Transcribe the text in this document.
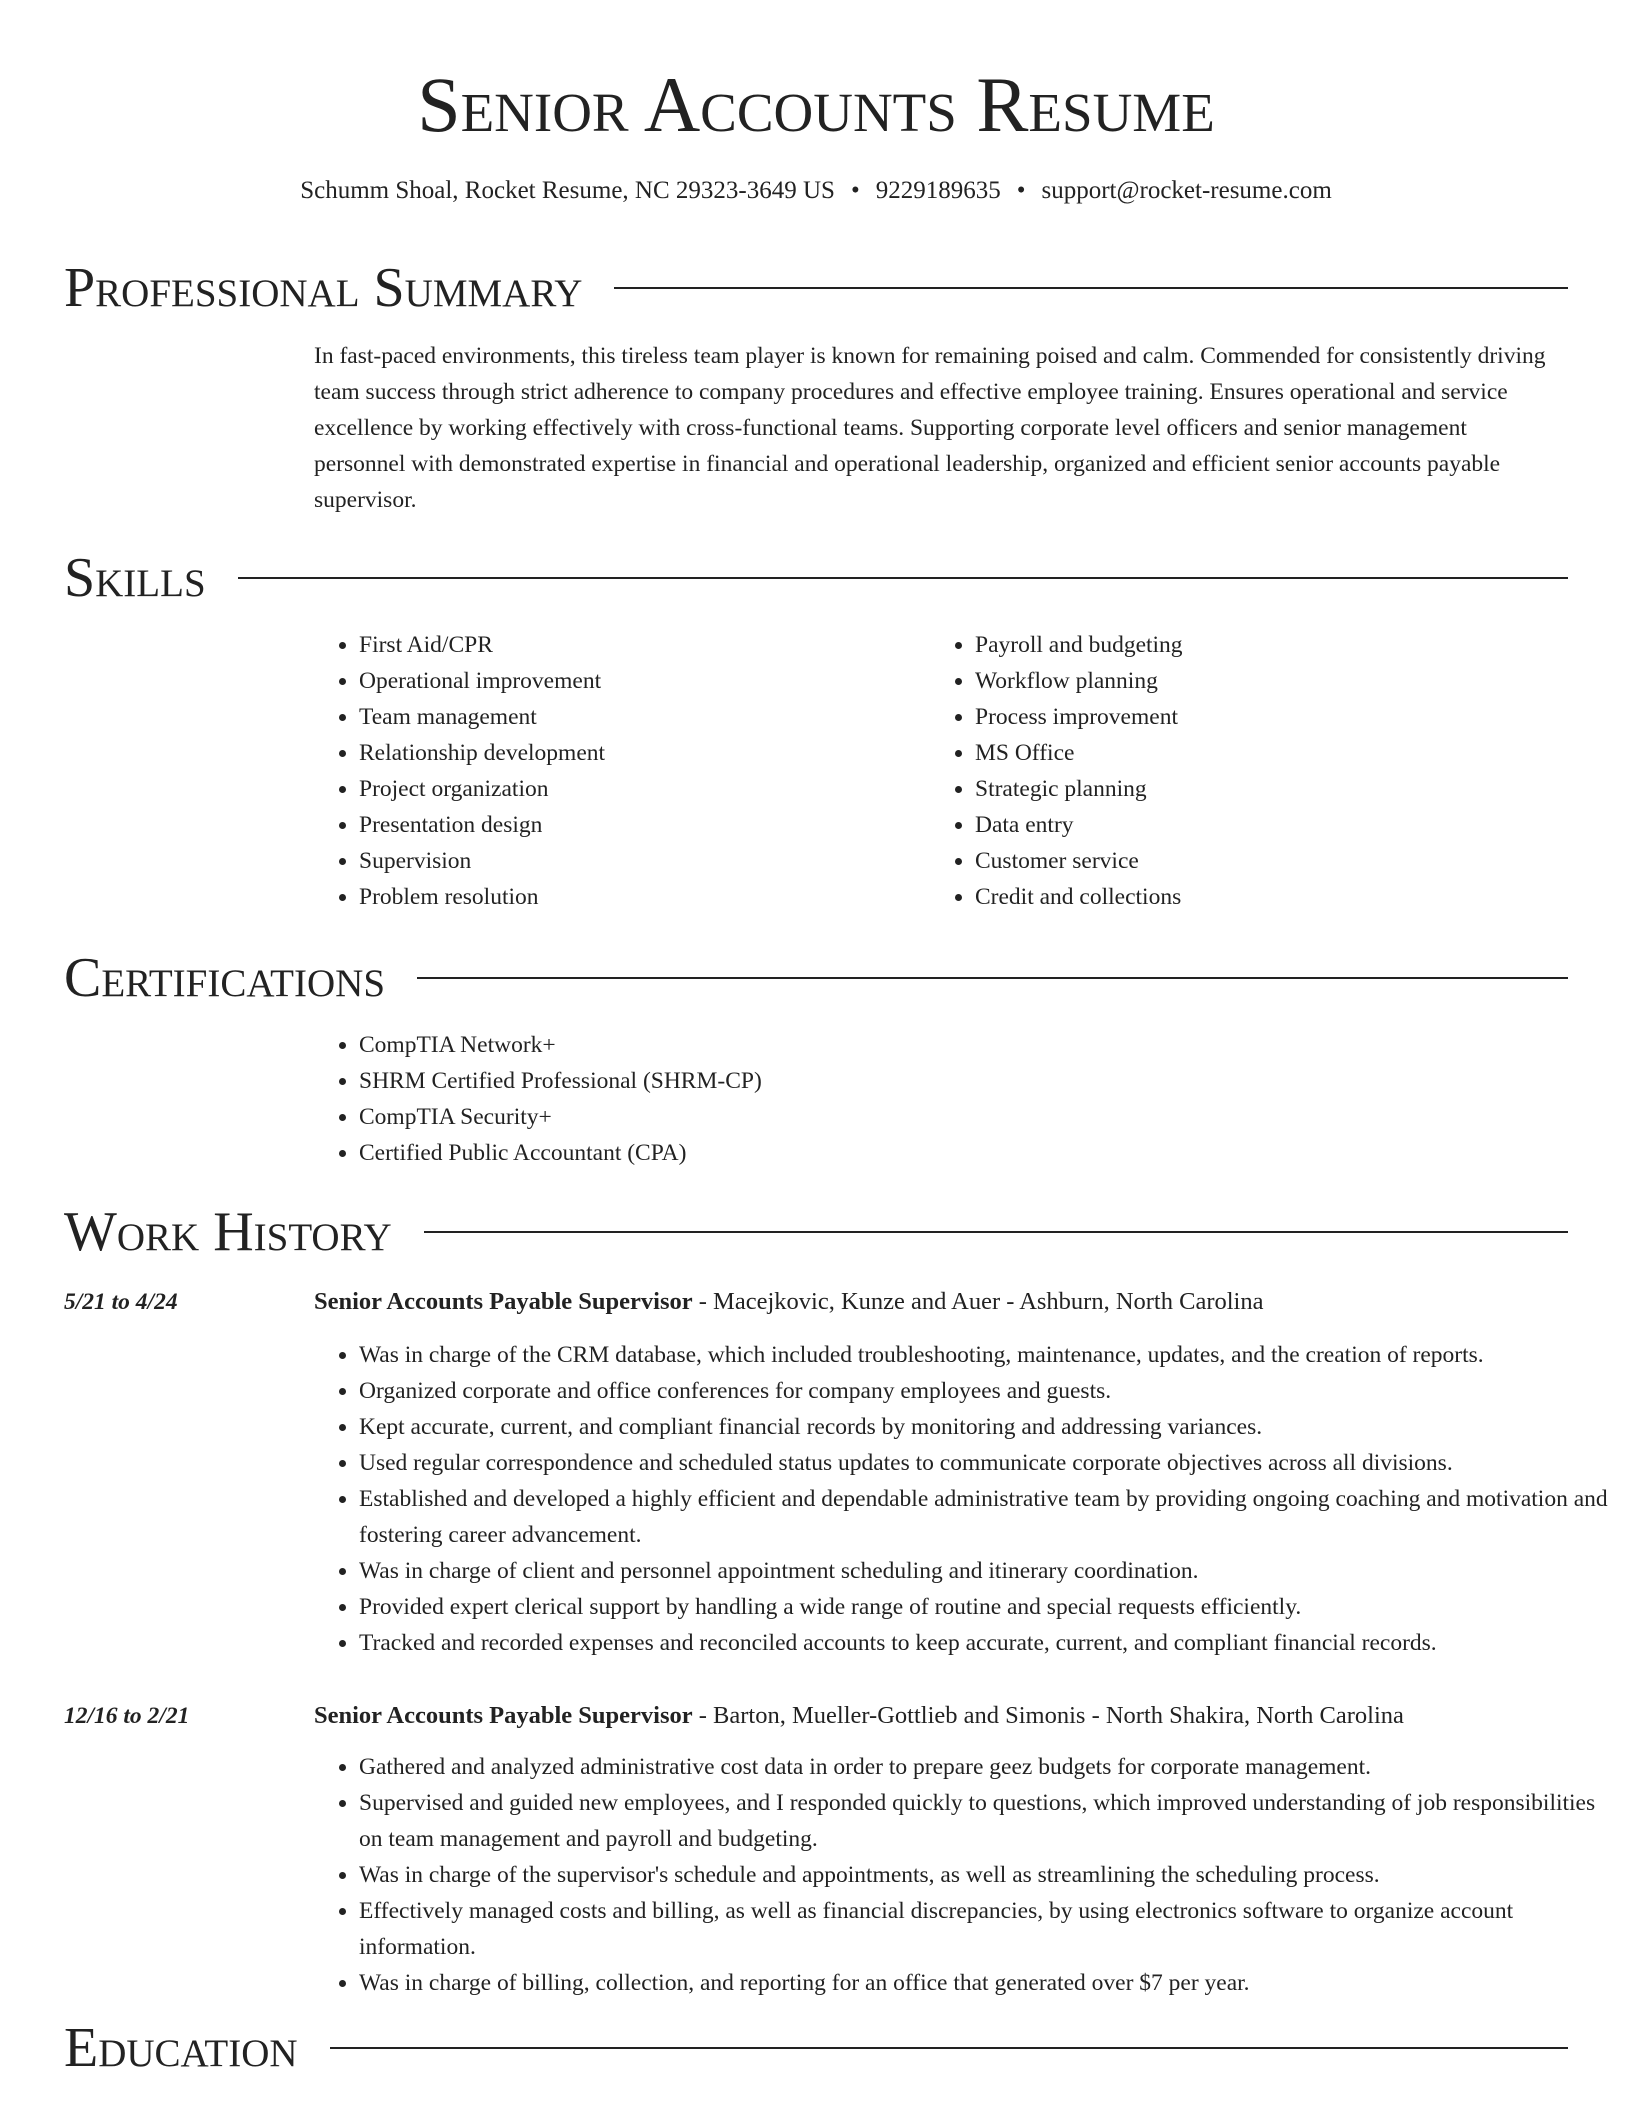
Senior Accounts Resume
Schumm Shoal, Rocket Resume, NC 29323-3649 US • 9229189635 • support@rocket-resume.com
Professional Summary

In fast-paced environments, this tireless team player is known for remaining poised and calm. Commended for consistently driving team success through strict adherence to company procedures and effective employee training. Ensures operational and service excellence by working effectively with cross-functional teams. Supporting corporate level officers and senior management personnel with demonstrated expertise in financial and operational leadership, organized and efficient senior accounts payable supervisor.

Skills
• First Aid/CPR
• Operational improvement
• Team management
• Relationship development
• Project organization
• Presentation design
• Supervision
• Problem resolution
• Payroll and budgeting
• Workflow planning
• Process improvement
• MS Office
• Strategic planning
• Data entry
• Customer service
• Credit and collections
Certifications
• CompTIA Network+
• SHRM Certified Professional (SHRM-CP)
• CompTIA Security+
• Certified Public Accountant (CPA)
Work History
5/21 to 4/24	Senior Accounts Payable Supervisor - Macejkovic, Kunze and Auer - Ashburn, North Carolina
• Was in charge of the CRM database, which included troubleshooting, maintenance, updates, and the creation of reports.
• Organized corporate and office conferences for company employees and guests.
• Kept accurate, current, and compliant financial records by monitoring and addressing variances.
• Used regular correspondence and scheduled status updates to communicate corporate objectives across all divisions.
• Established and developed a highly efficient and dependable administrative team by providing ongoing coaching and motivation and fostering career advancement.
• Was in charge of client and personnel appointment scheduling and itinerary coordination.
• Provided expert clerical support by handling a wide range of routine and special requests efficiently.
• Tracked and recorded expenses and reconciled accounts to keep accurate, current, and compliant financial records.
12/16 to 2/21	Senior Accounts Payable Supervisor - Barton, Mueller-Gottlieb and Simonis - North Shakira, North Carolina
• Gathered and analyzed administrative cost data in order to prepare geez budgets for corporate management.
• Supervised and guided new employees, and I responded quickly to questions, which improved understanding of job responsibilities on team management and payroll and budgeting.
• Was in charge of the supervisor's schedule and appointments, as well as streamlining the scheduling process.
• Effectively managed costs and billing, as well as financial discrepancies, by using electronics software to organize account information.
• Was in charge of billing, collection, and reporting for an office that generated over $7 per year.
Education
